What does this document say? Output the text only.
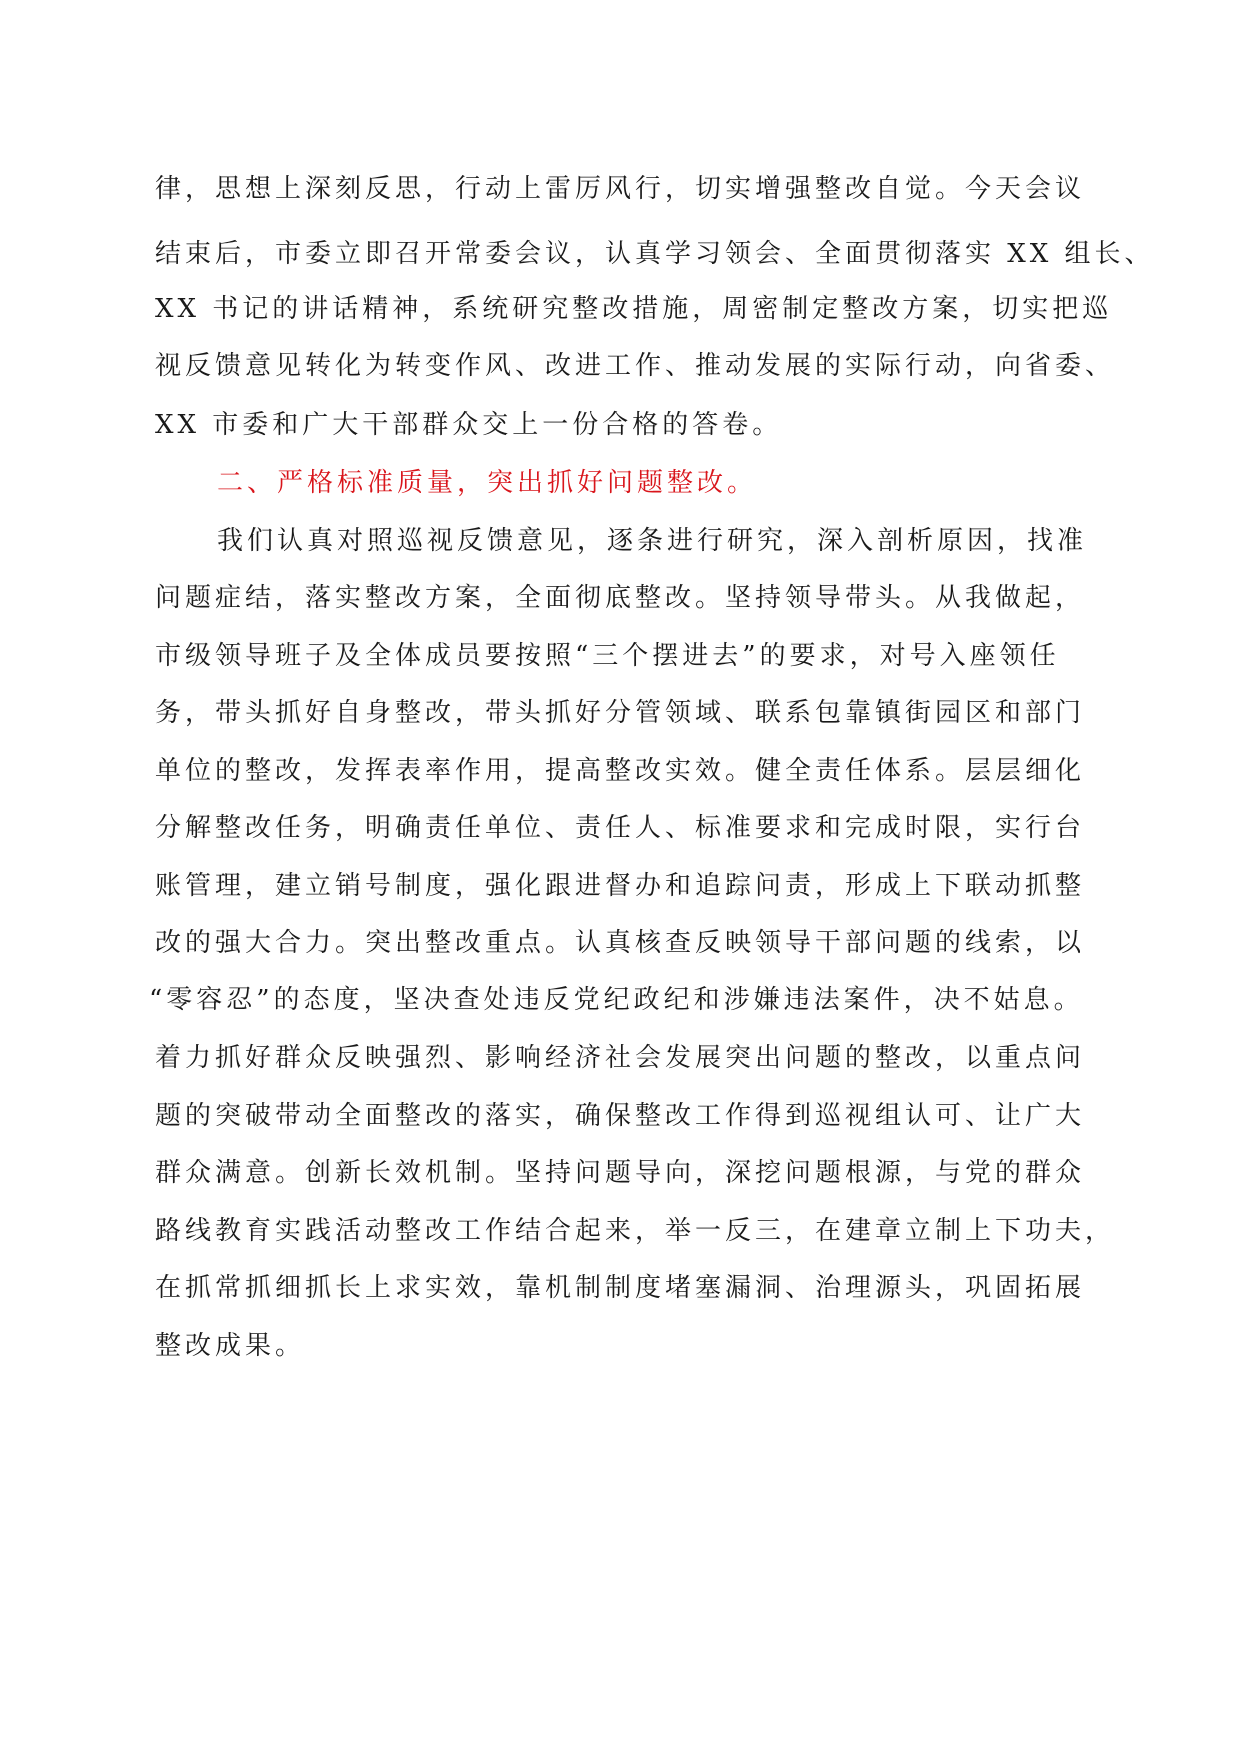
律，思想上深刻反思，行动上雷厉风行，切实增强整改自觉。今天会议
结束后，市委立即召开常委会议，认真学习领会、全面贯彻落实 XX 组长、
XX 书记的讲话精神，系统研究整改措施，周密制定整改方案，切实把巡
视反馈意见转化为转变作风、改进工作、推动发展的实际行动，向省委、
XX 市委和广大干部群众交上一份合格的答卷。
二、严格标准质量，突出抓好问题整改。
我们认真对照巡视反馈意见，逐条进行研究，深入剖析原因，找准
问题症结，落实整改方案，全面彻底整改。坚持领导带头。从我做起，
市级领导班子及全体成员要按照“三个摆进去”的要求，对号入座领任
务，带头抓好自身整改，带头抓好分管领域、联系包靠镇街园区和部门
单位的整改，发挥表率作用，提高整改实效。健全责任体系。层层细化
分解整改任务，明确责任单位、责任人、标准要求和完成时限，实行台
账管理，建立销号制度，强化跟进督办和追踪问责，形成上下联动抓整
改的强大合力。突出整改重点。认真核查反映领导干部问题的线索，以
“零容忍”的态度，坚决查处违反党纪政纪和涉嫌违法案件，决不姑息。
着力抓好群众反映强烈、影响经济社会发展突出问题的整改，以重点问
题的突破带动全面整改的落实，确保整改工作得到巡视组认可、让广大
群众满意。创新长效机制。坚持问题导向，深挖问题根源，与党的群众
路线教育实践活动整改工作结合起来，举一反三，在建章立制上下功夫，
在抓常抓细抓长上求实效，靠机制制度堵塞漏洞、治理源头，巩固拓展
整改成果。
